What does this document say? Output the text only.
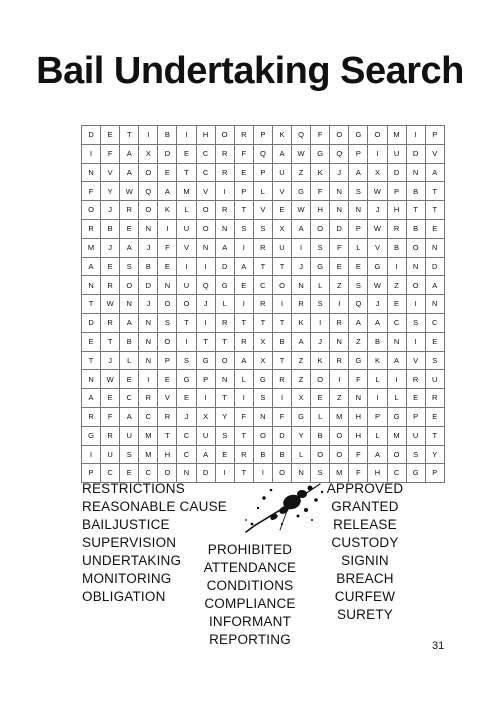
Bail Undertaking Search
D	E	T	I	B	I	H	O	R	P	K	Q	F	O	G	O	M	I	P
I	F	A	X	D	E	C	R	F	Q	A	W	G	Q	P	I	U	D	V
N	V	A	O	E	T	C	R	E	P	U	Z	K	J	A	X	D	N	A
F	Y	W	Q	A	M	V	I	P	L	V	G	F	N	S	W	P	B	T
O	J	R	O	K	L	O	R	T	V	E	W	H	N	N	J	H	T	T
R	B	E	N	I	U	O	N	S	S	X	A	O	D	P	W	R	B	E
M	J	A	J	F	V	N	A	I	R	U	I	S	F	L	V	B	O	N
A	E	S	B	E	I	I	D	A	T	T	J	G	E	E	G	I	N	D
N	R	O	D	N	U	Q	G	E	C	O	N	L	Z	S	W	Z	O	A
T	W	N	J	O	O	J	L	I	R	I	R	S	I	Q	J	E	I	N
D	R	A	N	S	T	I	R	T	T	T	K	I	R	A	A	C	S	C
E	T	B	N	O	I	T	T	R	X	B	A	J	N	Z	B	N	I	E
T	J	L	N	P	S	G	O	A	X	T	Z	K	R	G	K	A	V	S
N	W	E	I	E	G	P	N	L	G	R	Z	O	I	F	L	I	R	U
A	E	C	R	V	E	I	T	I	S	I	X	E	Z	N	I	L	E	R
R	F	A	C	R	J	X	Y	F	N	F	G	L	M	H	P	G	P	E
G	R	U	M	T	C	U	S	T	O	D	Y	B	O	H	L	M	U	T
I	U	S	M	H	C	A	E	R	B	B	L	O	O	F	A	O	S	Y
P	C	E	C	O	N	D	I	T	I	O	N	S	M	F	H	C	G	P
RESTRICTIONS
REASONABLE CAUSE
BAILJUSTICE
SUPERVISION
UNDERTAKING
MONITORING
OBLIGATION
PROHIBITED
ATTENDANCE
CONDITIONS
COMPLIANCE
INFORMANT
REPORTING
APPROVED
GRANTED
RELEASE
CUSTODY
SIGNIN
BREACH
CURFEW
SURETY
31
